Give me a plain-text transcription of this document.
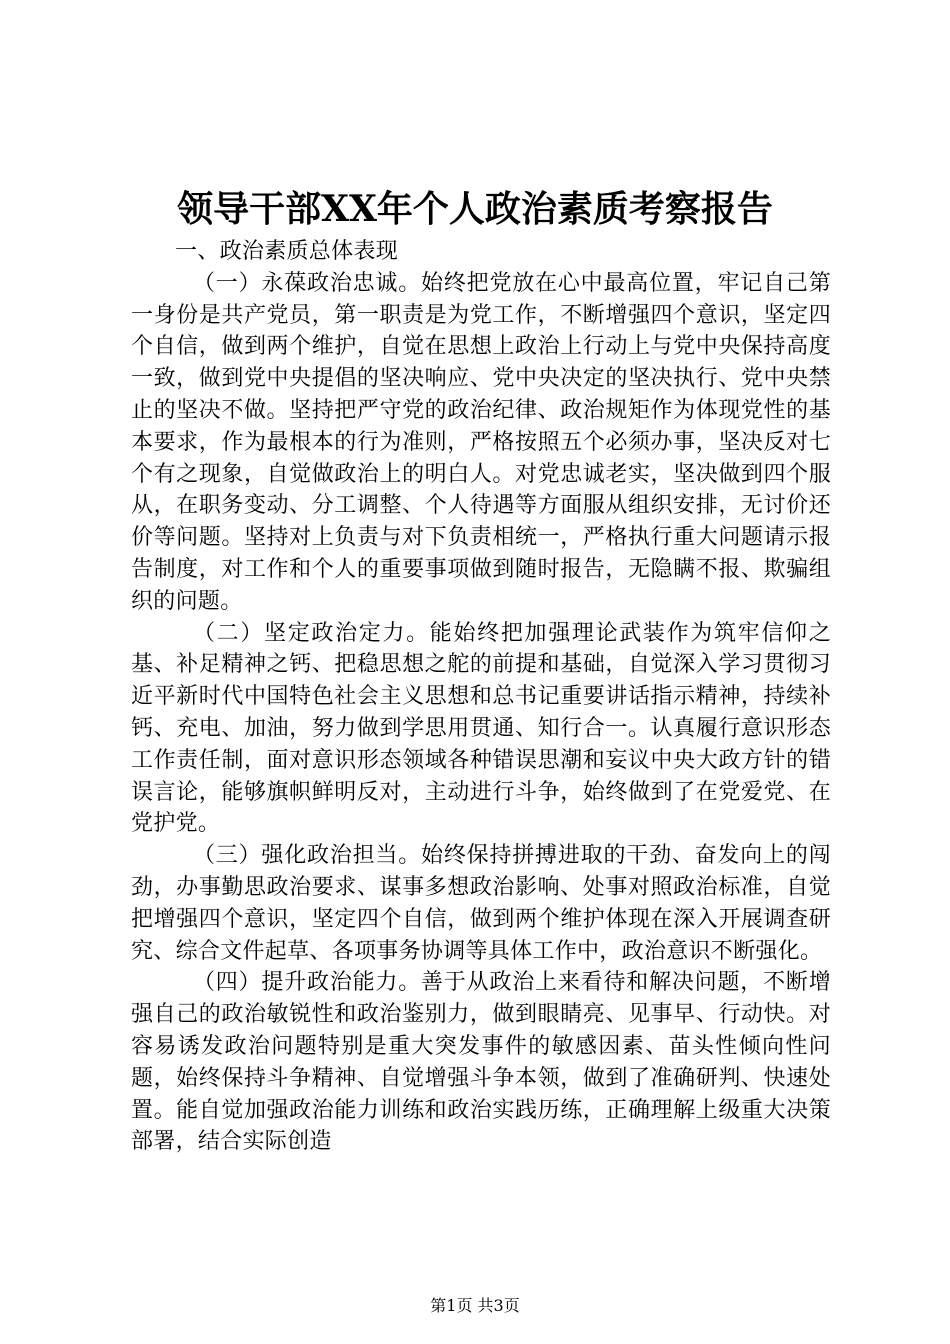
领导干部XX年个人政治素质考察报告

一、政治素质总体表现

（一）永葆政治忠诚。始终把党放在心中最高位置，牢记自己第一身份是共产党员，第一职责是为党工作，不断增强四个意识，坚定四个自信，做到两个维护，自觉在思想上政治上行动上与党中央保持高度一致，做到党中央提倡的坚决响应、党中央决定的坚决执行、党中央禁止的坚决不做。坚持把严守党的政治纪律、政治规矩作为体现党性的基本要求，作为最根本的行为准则，严格按照五个必须办事，坚决反对七个有之现象，自觉做政治上的明白人。对党忠诚老实，坚决做到四个服从，在职务变动、分工调整、个人待遇等方面服从组织安排，无讨价还价等问题。坚持对上负责与对下负责相统一，严格执行重大问题请示报告制度，对工作和个人的重要事项做到随时报告，无隐瞒不报、欺骗组织的问题。

（二）坚定政治定力。能始终把加强理论武装作为筑牢信仰之基、补足精神之钙、把稳思想之舵的前提和基础，自觉深入学习贯彻习近平新时代中国特色社会主义思想和总书记重要讲话指示精神，持续补钙、充电、加油，努力做到学思用贯通、知行合一。认真履行意识形态工作责任制，面对意识形态领域各种错误思潮和妄议中央大政方针的错误言论，能够旗帜鲜明反对，主动进行斗争，始终做到了在党爱党、在党护党。

（三）强化政治担当。始终保持拼搏进取的干劲、奋发向上的闯劲，办事勤思政治要求、谋事多想政治影响、处事对照政治标准，自觉把增强四个意识，坚定四个自信，做到两个维护体现在深入开展调查研究、综合文件起草、各项事务协调等具体工作中，政治意识不断强化。

（四）提升政治能力。善于从政治上来看待和解决问题，不断增强自己的政治敏锐性和政治鉴别力，做到眼睛亮、见事早、行动快。对容易诱发政治问题特别是重大突发事件的敏感因素、苗头性倾向性问题，始终保持斗争精神、自觉增强斗争本领，做到了准确研判、快速处置。能自觉加强政治能力训练和政治实践历练，正确理解上级重大决策部署，结合实际创造

第1页 共3页
